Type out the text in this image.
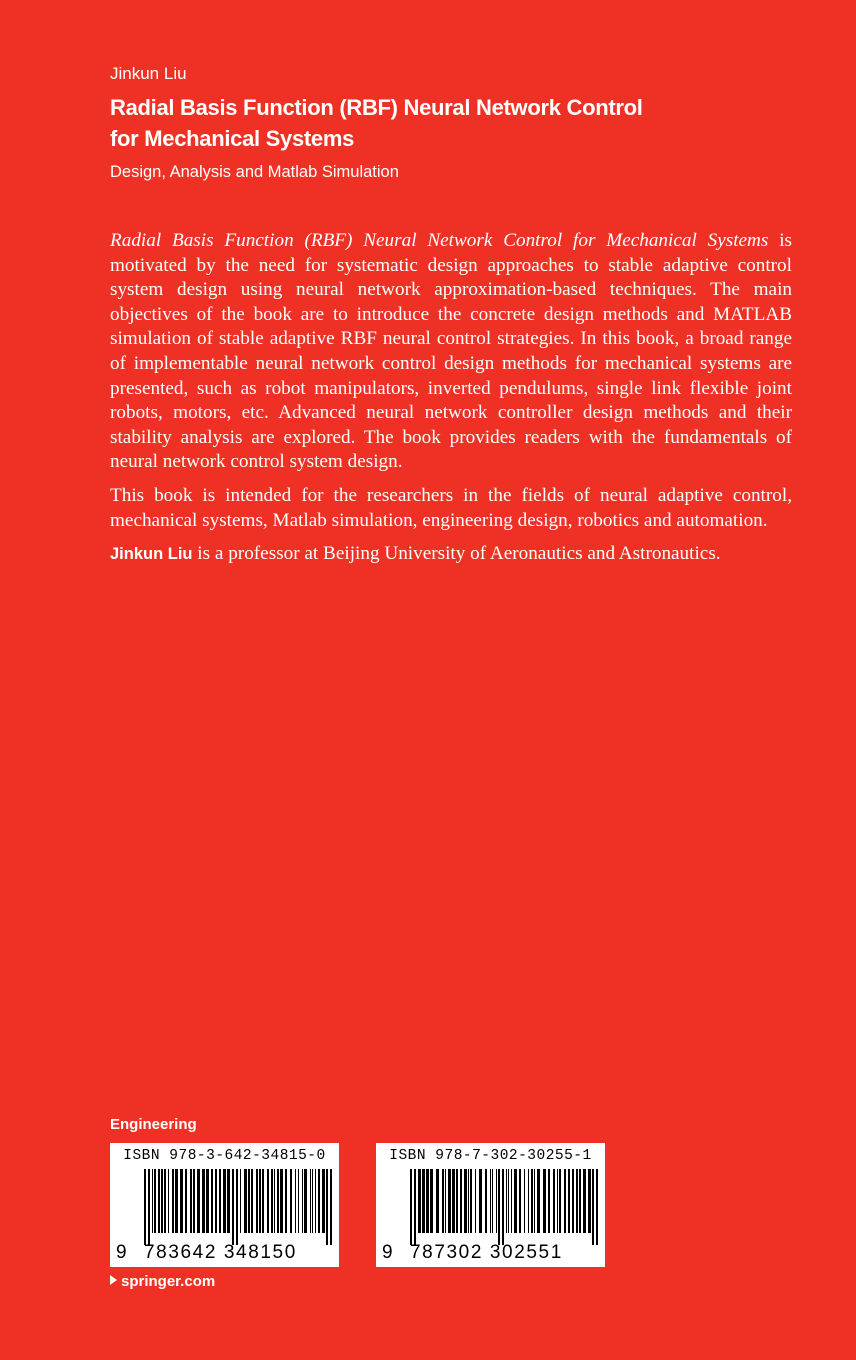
Jinkun Liu
Radial Basis Function (RBF) Neural Network Control
for Mechanical Systems
Design, Analysis and Matlab Simulation

Radial Basis Function (RBF) Neural Network Control for Mechanical Systems is motivated by the need for systematic design approaches to stable adaptive control system design using neural network approximation-based techniques. The main objectives of the book are to introduce the concrete design methods and MATLAB simulation of stable adaptive RBF neural control strategies. In this book, a broad range of implementable neural network control design methods for mechanical systems are presented, such as robot manipulators, inverted pendulums, single link flexible joint robots, motors, etc. Advanced neural network controller design methods and their stability analysis are explored. The book provides readers with the fundamentals of neural network control system design.

This book is intended for the researchers in the fields of neural adaptive control, mechanical systems, Matlab simulation, engineering design, robotics and automation.

Jinkun Liu is a professor at Beijing University of Aeronautics and Astronautics.

Engineering
ISBN 978-3-642-34815-0
9 783642 348150
ISBN 978-7-302-30255-1
9 787302 302551
springer.com
